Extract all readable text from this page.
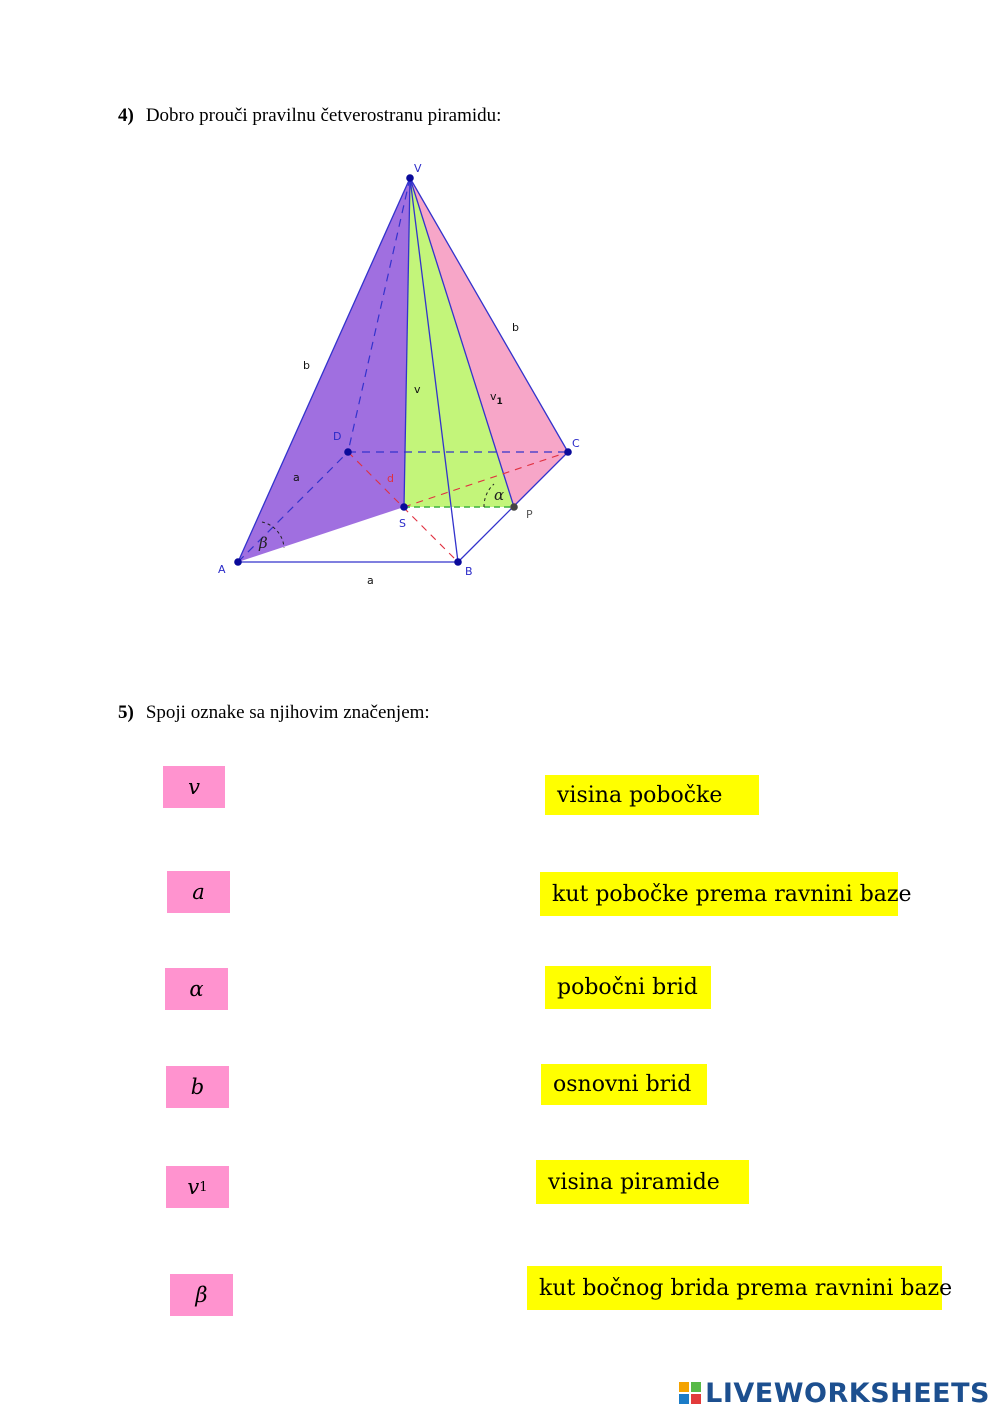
4) Dobro prouči pravilnu četverostranu piramidu:
V
A	B
C
D
S
P
b
b
v
$v_1$
a
a
d
α
β
5) Spoji oznake sa njihovim značenjem:
v
a
α
b
v 1
β
visina pobočke
kut pobočke prema ravnini baze
pobočni brid
osnovni brid
visina piramide
kut bočnog brida prema ravnini baze
LIVEWORKSHEETS
